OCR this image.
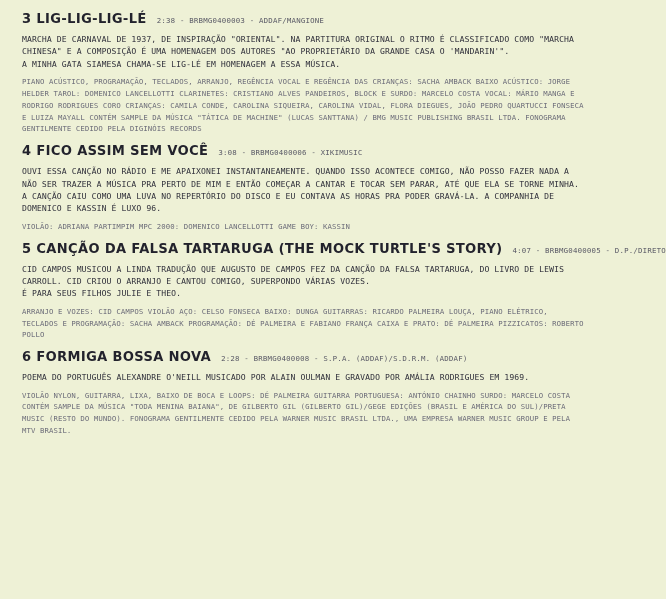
3 LIG-LIG-LIG-LÉ 2:38 - BRBMG0400003 - ADDAF/MANGIONE

MARCHA DE CARNAVAL DE 1937, DE INSPIRAÇÃO "ORIENTAL". NA PARTITURA ORIGINAL O RITMO É CLASSIFICADO COMO "MARCHA CHINESA" E A COMPOSIÇÃO É UMA HOMENAGEM DOS AUTORES "AO PROPRIETÁRIO DA GRANDE CASA O 'MANDARIN'".

A MINHA GATA SIAMESA CHAMA-SE LIG-LÉ EM HOMENAGEM A ESSA MÚSICA.

PIANO ACÚSTICO, PROGRAMAÇÃO, TECLADOS, ARRANJO, REGÊNCIA VOCAL E REGÊNCIA DAS CRIANÇAS: SACHA AMBACK BAIXO ACÚSTICO: JORGE HELDER TAROL: DOMENICO LANCELLOTTI CLARINETES: CRISTIANO ALVES PANDEIROS, BLOCK E SURDO: MARCELO COSTA VOCAL: MÁRIO MANGA E RODRIGO RODRIGUES CORO CRIANÇAS: CAMILA CONDE, CAROLINA SIQUEIRA, CAROLINA VIDAL, FLORA DIEGUES, JOÃO PEDRO QUARTUCCI FONSECA E LUIZA MAYALL CONTÉM SAMPLE DA MÚSICA "TÁTICA DE MACHINE" (LUCAS SANTTANA) / BMG MUSIC PUBLISHING BRASIL LTDA. FONOGRAMA GENTILMENTE CEDIDO PELA DIGINÓIS RECORDS

4 FICO ASSIM SEM VOCÊ 3:08 - BRBMG0400006 - XIKIMUSIC

OUVI ESSA CANÇÃO NO RÁDIO E ME APAIXONEI INSTANTANEAMENTE. QUANDO ISSO ACONTECE COMIGO, NÃO POSSO FAZER NADA A NÃO SER TRAZER A MÚSICA PRA PERTO DE MIM E ENTÃO COMEÇAR A CANTAR E TOCAR SEM PARAR, ATÉ QUE ELA SE TORNE MINHA. A CANÇÃO CAIU COMO UMA LUVA NO REPERTÓRIO DO DISCO E EU CONTAVA AS HORAS PRA PODER GRAVÁ-LA. A COMPANHIA DE DOMENICO E KASSIN É LUXO 96.

VIOLÃO: ADRIANA PARTIMPIM MPC 2000: DOMENICO LANCELLOTTI GAME BOY: KASSIN

5 CANÇÃO DA FALSA TARTARUGA (THE MOCK TURTLE'S STORY) 4:07 - BRBMG0400005 - D.P./DIRETO

CID CAMPOS MUSICOU A LINDA TRADUÇÃO QUE AUGUSTO DE CAMPOS FEZ DA CANÇÃO DA FALSA TARTARUGA, DO LIVRO DE LEWIS CARROLL. CID CRIOU O ARRANJO E CANTOU COMIGO, SUPERPONDO VÁRIAS VOZES.

É PARA SEUS FILHOS JULIE E THEO.

ARRANJO E VOZES: CID CAMPOS VIOLÃO AÇO: CELSO FONSECA BAIXO: DUNGA GUITARRAS: RICARDO PALMEIRA LOUÇA, PIANO ELÉTRICO, TECLADOS E PROGRAMAÇÃO: SACHA AMBACK PROGRAMAÇÃO: DÉ PALMEIRA E FABIANO FRANÇA CAIXA E PRATO: DÉ PALMEIRA PIZZICATOS: ROBERTO POLLO

6 FORMIGA BOSSA NOVA 2:28 - BRBMG0400008 - S.P.A. (ADDAF)/S.D.R.M. (ADDAF)

POEMA DO PORTUGUÊS ALEXANDRE O'NEILL MUSICADO POR ALAIN OULMAN E GRAVADO POR AMÁLIA RODRIGUES EM 1969.

VIOLÃO NYLON, GUITARRA, LIXA, BAIXO DE BOCA E LOOPS: DÉ PALMEIRA GUITARRA PORTUGUESA: ANTÓNIO CHAINHO SURDO: MARCELO COSTA CONTÉM SAMPLE DA MÚSICA "TODA MENINA BAIANA", DE GILBERTO GIL (GILBERTO GIL)/GEGE EDIÇÕES (BRASIL E AMÉRICA DO SUL)/PRETA MUSIC (RESTO DO MUNDO). FONOGRAMA GENTILMENTE CEDIDO PELA WARNER MUSIC BRASIL LTDA., UMA EMPRESA WARNER MUSIC GROUP E PELA MTV BRASIL.
